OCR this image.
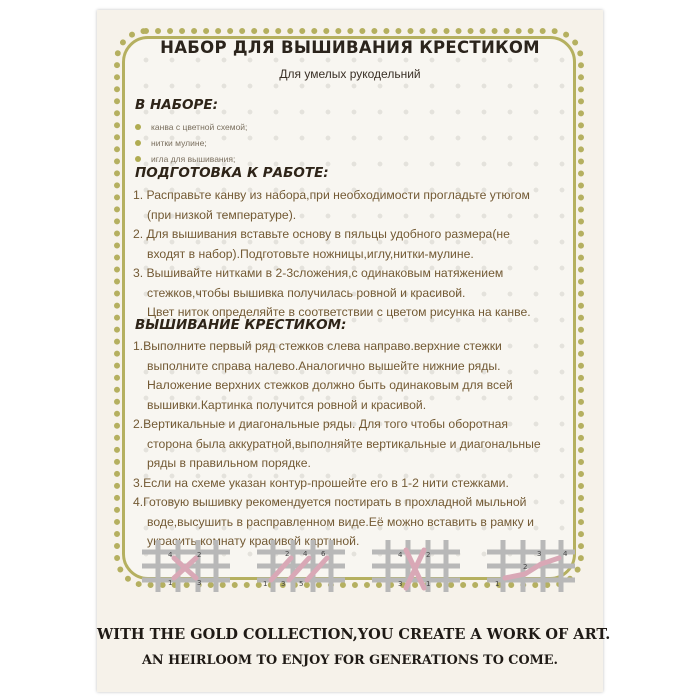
НАБОР ДЛЯ ВЫШИВАНИЯ КРЕСТИКОМ
Для умелых рукодельний
В НАБОРЕ:
канва с цветной схемой;
нитки мулине;
игла для вышивания;
ПОДГОТОВКА К РАБОТЕ:
1. Расправьте канву из набора,при необходимости прогладьте утюгом
(при низкой температуре).
2. Для вышивания вставьте основу в пяльцы удобного размера(не
входят в набор).Подготовьте ножницы,иглу,нитки-мулине.
3. Вышивайте нитками в 2-3сложения,с одинаковым натяжением
стежков,чтобы вышивка получилась ровной и красивой.
Цвет ниток определяйте в соответствии с цветом рисунка на канве.
ВЫШИВАНИЕ КРЕСТИКОМ:
1.Выполните первый ряд стежков слева направо.верхние стежки
выполните справа налево.Аналогично вышейте нижние ряды.
Наложение верхних стежков должно быть одинаковым для всей
вышивки.Картинка получится ровной и красивой.
2.Вертикальные и диагональные ряды. Для того чтобы оборотная
сторона была аккуратной,выполняйте вертикальные и диагональные
ряды в правильном порядке.
3.Если на схеме указан контур-прошейте его в 1-2 нити стежками.
4.Готовую вышивку рекомендуется постирать в прохладной мыльной
воде,высушить в расправленном виде.Её можно вставить в рамку и
украсить комнату красивой картиной.
4	2
1	3
2 4 6
1 3 5
4	2
3	1
3	4
2
1
WITH THE GOLD COLLECTION,YOU CREATE A WORK OF ART.
AN HEIRLOOM TO ENJOY FOR GENERATIONS TO COME.
